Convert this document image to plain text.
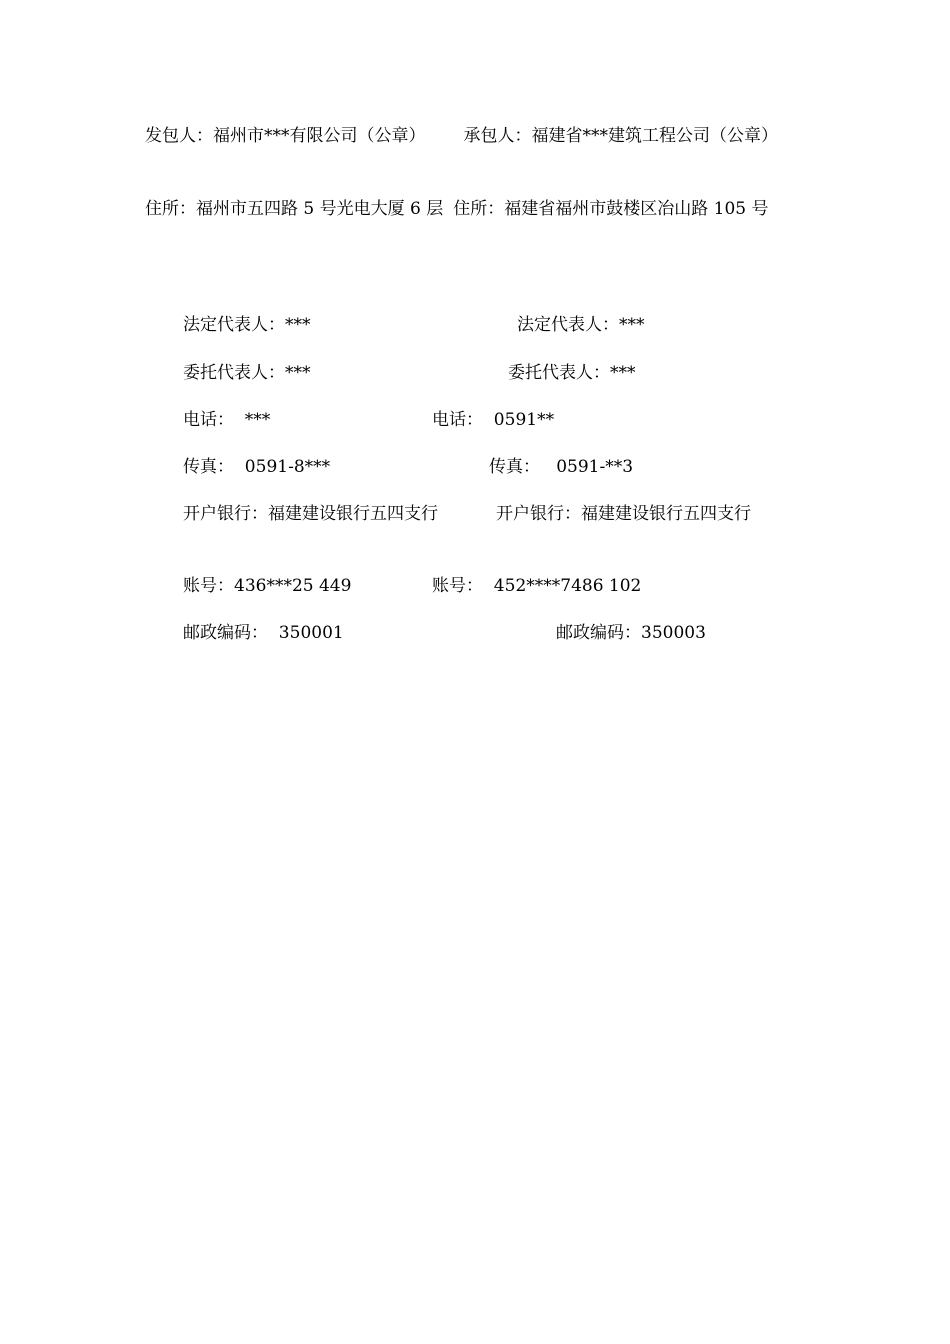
发包人：福州市***有限公司（公章） 承包人：福建省***建筑工程公司（公章）
住所：福州市五四路 5 号光电大厦 6 层 住所：福建省福州市鼓楼区冶山路 105 号
法定代表人：***	法定代表人：***
委托代表人：***	委托代表人：***
电话：  ***	电话：  0591**
传真：  0591-8***	传真：   0591-**3
开户银行：福建建设银行五四支行	开户银行：福建建设银行五四支行
账号：436***25 449	账号：  452****7486 102
邮政编码：  350001	邮政编码：350003
